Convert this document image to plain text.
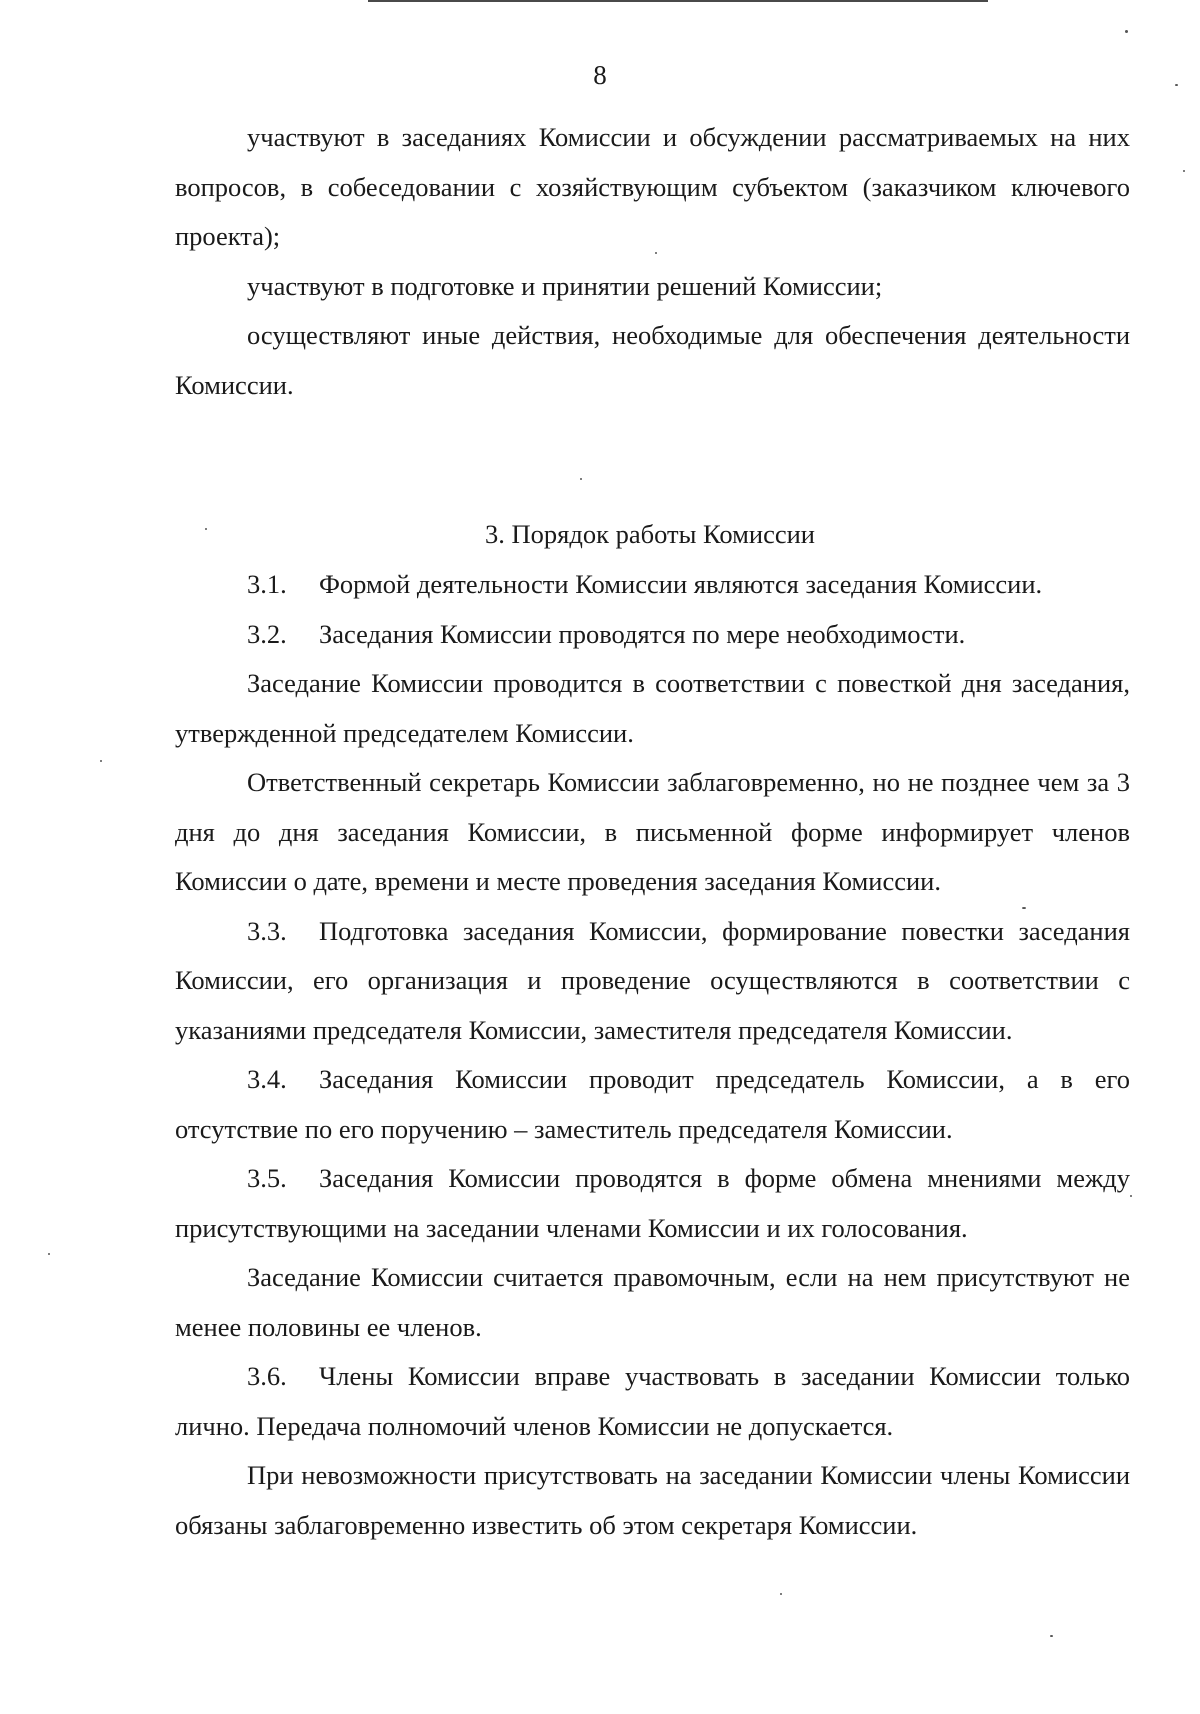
8

участвуют в заседаниях Комиссии и обсуждении рассматриваемых на них вопросов, в собеседовании с хозяйствующим субъектом (заказчиком ключевого проекта);

участвуют в подготовке и принятии решений Комиссии;

осуществляют иные действия, необходимые для обеспечения деятельности Комиссии.

3. Порядок работы Комиссии

3.1. Формой деятельности Комиссии являются заседания Комиссии.

3.2. Заседания Комиссии проводятся по мере необходимости.

Заседание Комиссии проводится в соответствии с повесткой дня заседания, утвержденной председателем Комиссии.

Ответственный секретарь Комиссии заблаговременно, но не позднее чем за 3 дня до дня заседания Комиссии, в письменной форме информирует членов Комиссии о дате, времени и месте проведения заседания Комиссии.

3.3. Подготовка заседания Комиссии, формирование повестки заседания Комиссии, его организация и проведение осуществляются в соответствии с указаниями председателя Комиссии, заместителя председателя Комиссии.

3.4. Заседания Комиссии проводит председатель Комиссии, а в его отсутствие по его поручению – заместитель председателя Комиссии.

3.5. Заседания Комиссии проводятся в форме обмена мнениями между присутствующими на заседании членами Комиссии и их голосования.

Заседание Комиссии считается правомочным, если на нем присутствуют не менее половины ее членов.

3.6. Члены Комиссии вправе участвовать в заседании Комиссии только лично. Передача полномочий членов Комиссии не допускается.

При невозможности присутствовать на заседании Комиссии члены Комиссии обязаны заблаговременно известить об этом секретаря Комиссии.
